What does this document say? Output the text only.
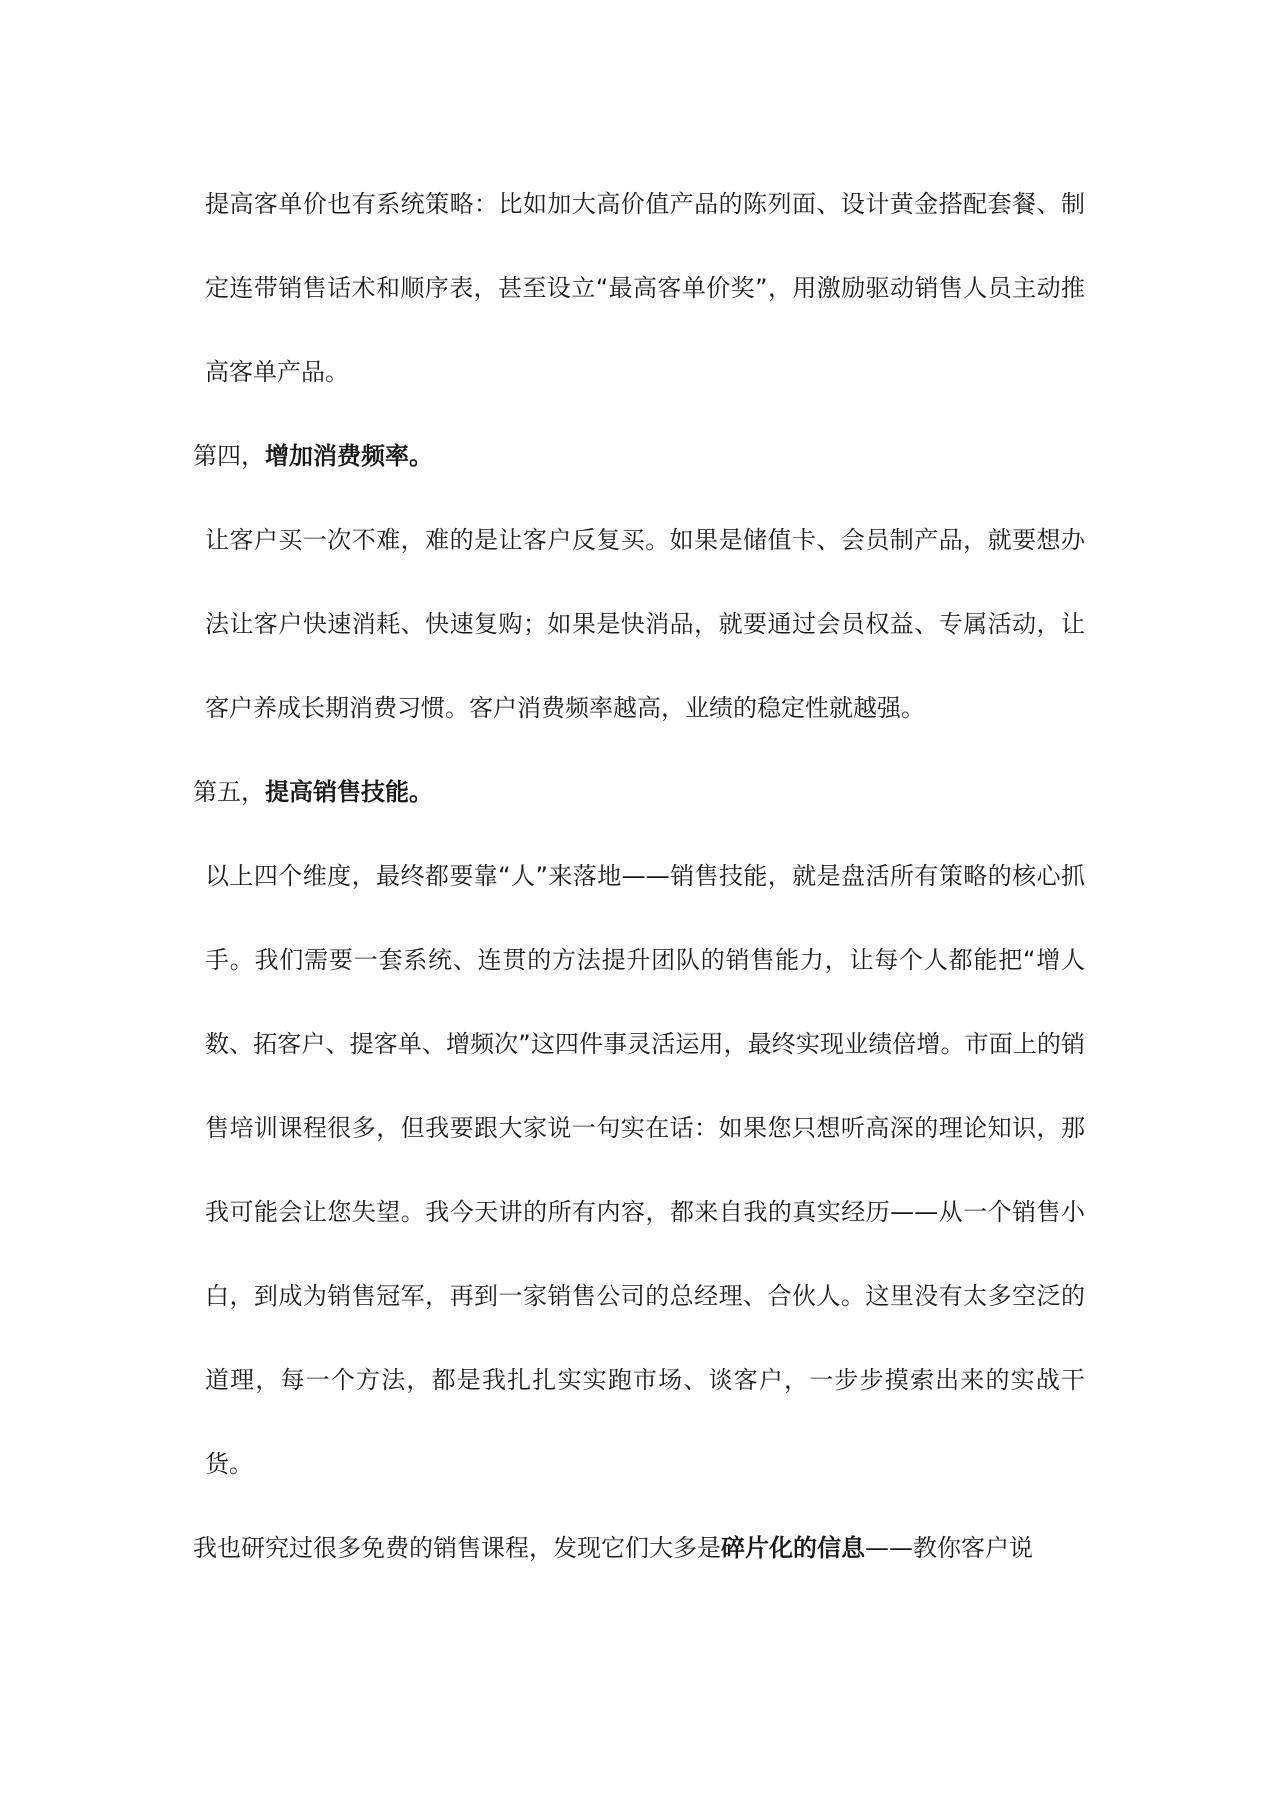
提高客单价也有系统策略：比如加大高价值产品的陈列面、设计黄金搭配套餐、制定连带销售话术和顺序表，甚至设立“最高客单价奖”，用激励驱动销售人员主动推高客单产品。

第四，增加消费频率。

让客户买一次不难，难的是让客户反复买。如果是储值卡、会员制产品，就要想办法让客户快速消耗、快速复购；如果是快消品，就要通过会员权益、专属活动，让客户养成长期消费习惯。客户消费频率越高，业绩的稳定性就越强。

第五，提高销售技能。

以上四个维度，最终都要靠“人”来落地——销售技能，就是盘活所有策略的核心抓手。我们需要一套系统、连贯的方法提升团队的销售能力，让每个人都能把“增人数、拓客户、提客单、增频次”这四件事灵活运用，最终实现业绩倍增。市面上的销售培训课程很多，但我要跟大家说一句实在话：如果您只想听高深的理论知识，那我可能会让您失望。我今天讲的所有内容，都来自我的真实经历——从一个销售小白，到成为销售冠军，再到一家销售公司的总经理、合伙人。这里没有太多空泛的道理，每一个方法，都是我扎扎实实跑市场、谈客户，一步步摸索出来的实战干货。

我也研究过很多免费的销售课程，发现它们大多是碎片化的信息——教你客户说
